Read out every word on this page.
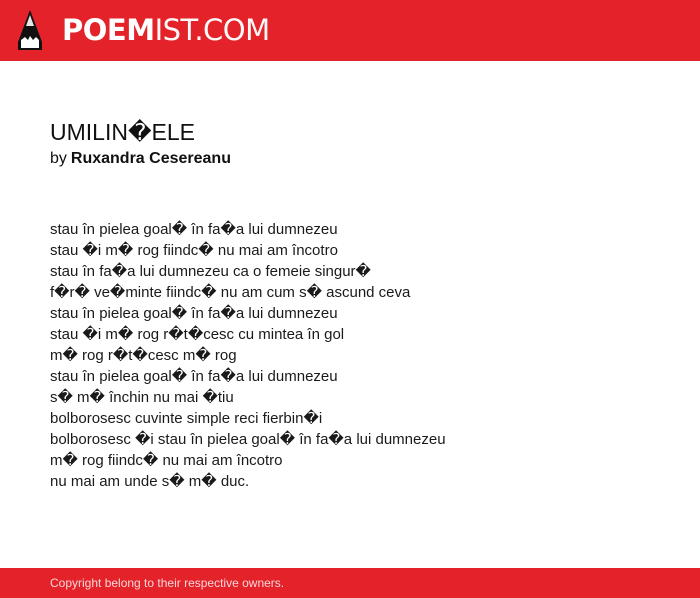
POEMIST.COM
UMILIN�ELE
by Ruxandra Cesereanu
stau în pielea goal� în fa�a lui dumnezeu
stau �i m� rog fiindc� nu mai am încotro
stau în fa�a lui dumnezeu ca o femeie singur�
f�r� ve�minte fiindc� nu am cum s� ascund ceva
stau în pielea goal� în fa�a lui dumnezeu
stau �i m� rog r�t�cesc cu mintea în gol
m� rog r�t�cesc m� rog
stau în pielea goal� în fa�a lui dumnezeu
s� m� închin nu mai �tiu
bolborosesc cuvinte simple reci fierbin�i
bolborosesc �i stau în pielea goal� în fa�a lui dumnezeu
m� rog fiindc� nu mai am încotro
nu mai am unde s� m� duc.
Copyright belong to their respective owners.
